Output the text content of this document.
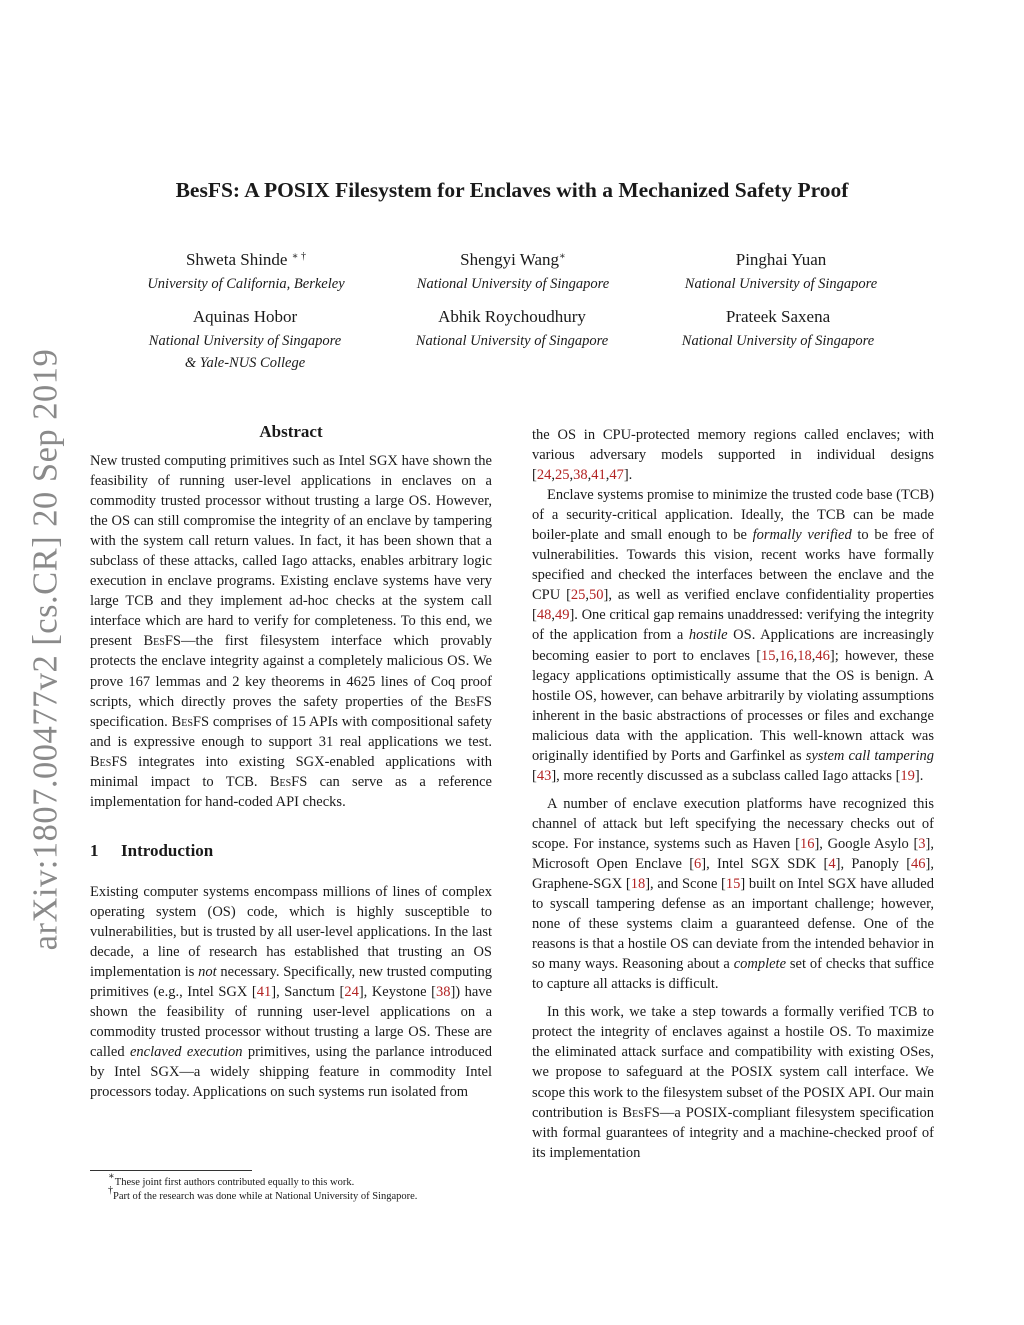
arXiv:1807.00477v2 [cs.CR] 20 Sep 2019
BesFS: A POSIX Filesystem for Enclaves with a Mechanized Safety Proof
Shweta Shinde ∗ †
University of California, Berkeley
Shengyi Wang∗
National University of Singapore
Pinghai Yuan
National University of Singapore
Aquinas Hobor
National University of Singapore
& Yale-NUS College
Abhik Roychoudhury
National University of Singapore
Prateek Saxena
National University of Singapore
Abstract

New trusted computing primitives such as Intel SGX have shown the feasibility of running user-level applications in enclaves on a commodity trusted processor without trusting a large OS. However, the OS can still compromise the integrity of an enclave by tampering with the system call return values. In fact, it has been shown that a subclass of these attacks, called Iago attacks, enables arbitrary logic execution in enclave programs. Existing enclave systems have very large TCB and they implement ad-hoc checks at the system call interface which are hard to verify for completeness. To this end, we present BesFS—the first filesystem interface which provably protects the enclave integrity against a completely malicious OS. We prove 167 lemmas and 2 key theorems in 4625 lines of Coq proof scripts, which directly proves the safety properties of the BesFS specification. BesFS comprises of 15 APIs with compositional safety and is expressive enough to support 31 real applications we test. BesFS integrates into existing SGX-enabled applications with minimal impact to TCB. BesFS can serve as a reference implementation for hand-coded API checks.

1 Introduction

Existing computer systems encompass millions of lines of complex operating system (OS) code, which is highly susceptible to vulnerabilities, but is trusted by all user-level applications. In the last decade, a line of research has established that trusting an OS implementation is not necessary. Specifically, new trusted computing primitives (e.g., Intel SGX [41], Sanctum [24], Keystone [38]) have shown the feasibility of running user-level applications on a commodity trusted processor without trusting a large OS. These are called enclaved execution primitives, using the parlance introduced by Intel SGX—a widely shipping feature in commodity Intel processors today. Applications on such systems run isolated from

the OS in CPU-protected memory regions called enclaves; with various adversary models supported in individual designs [24,25,38,41,47].

Enclave systems promise to minimize the trusted code base (TCB) of a security-critical application. Ideally, the TCB can be made boiler-plate and small enough to be formally verified to be free of vulnerabilities. Towards this vision, recent works have formally specified and checked the interfaces between the enclave and the CPU [25,50], as well as verified enclave confidentiality properties [48,49]. One critical gap remains unaddressed: verifying the integrity of the application from a hostile OS. Applications are increasingly becoming easier to port to enclaves [15,16,18,46]; however, these legacy applications optimistically assume that the OS is benign. A hostile OS, however, can behave arbitrarily by violating assumptions inherent in the basic abstractions of processes or files and exchange malicious data with the application. This well-known attack was originally identified by Ports and Garfinkel as system call tampering [43], more recently discussed as a subclass called Iago attacks [19].

A number of enclave execution platforms have recognized this channel of attack but left specifying the necessary checks out of scope. For instance, systems such as Haven [16], Google Asylo [3], Microsoft Open Enclave [6], Intel SGX SDK [4], Panoply [46], Graphene-SGX [18], and Scone [15] built on Intel SGX have alluded to syscall tampering defense as an important challenge; however, none of these systems claim a guaranteed defense. One of the reasons is that a hostile OS can deviate from the intended behavior in so many ways. Reasoning about a complete set of checks that suffice to capture all attacks is difficult.

In this work, we take a step towards a formally verified TCB to protect the integrity of enclaves against a hostile OS. To maximize the eliminated attack surface and compatibility with existing OSes, we propose to safeguard at the POSIX system call interface. We scope this work to the filesystem subset of the POSIX API. Our main contribution is BesFS—a POSIX-compliant filesystem specification with formal guarantees of integrity and a machine-checked proof of its implementation

∗These joint first authors contributed equally to this work.
†Part of the research was done while at National University of Singapore.
